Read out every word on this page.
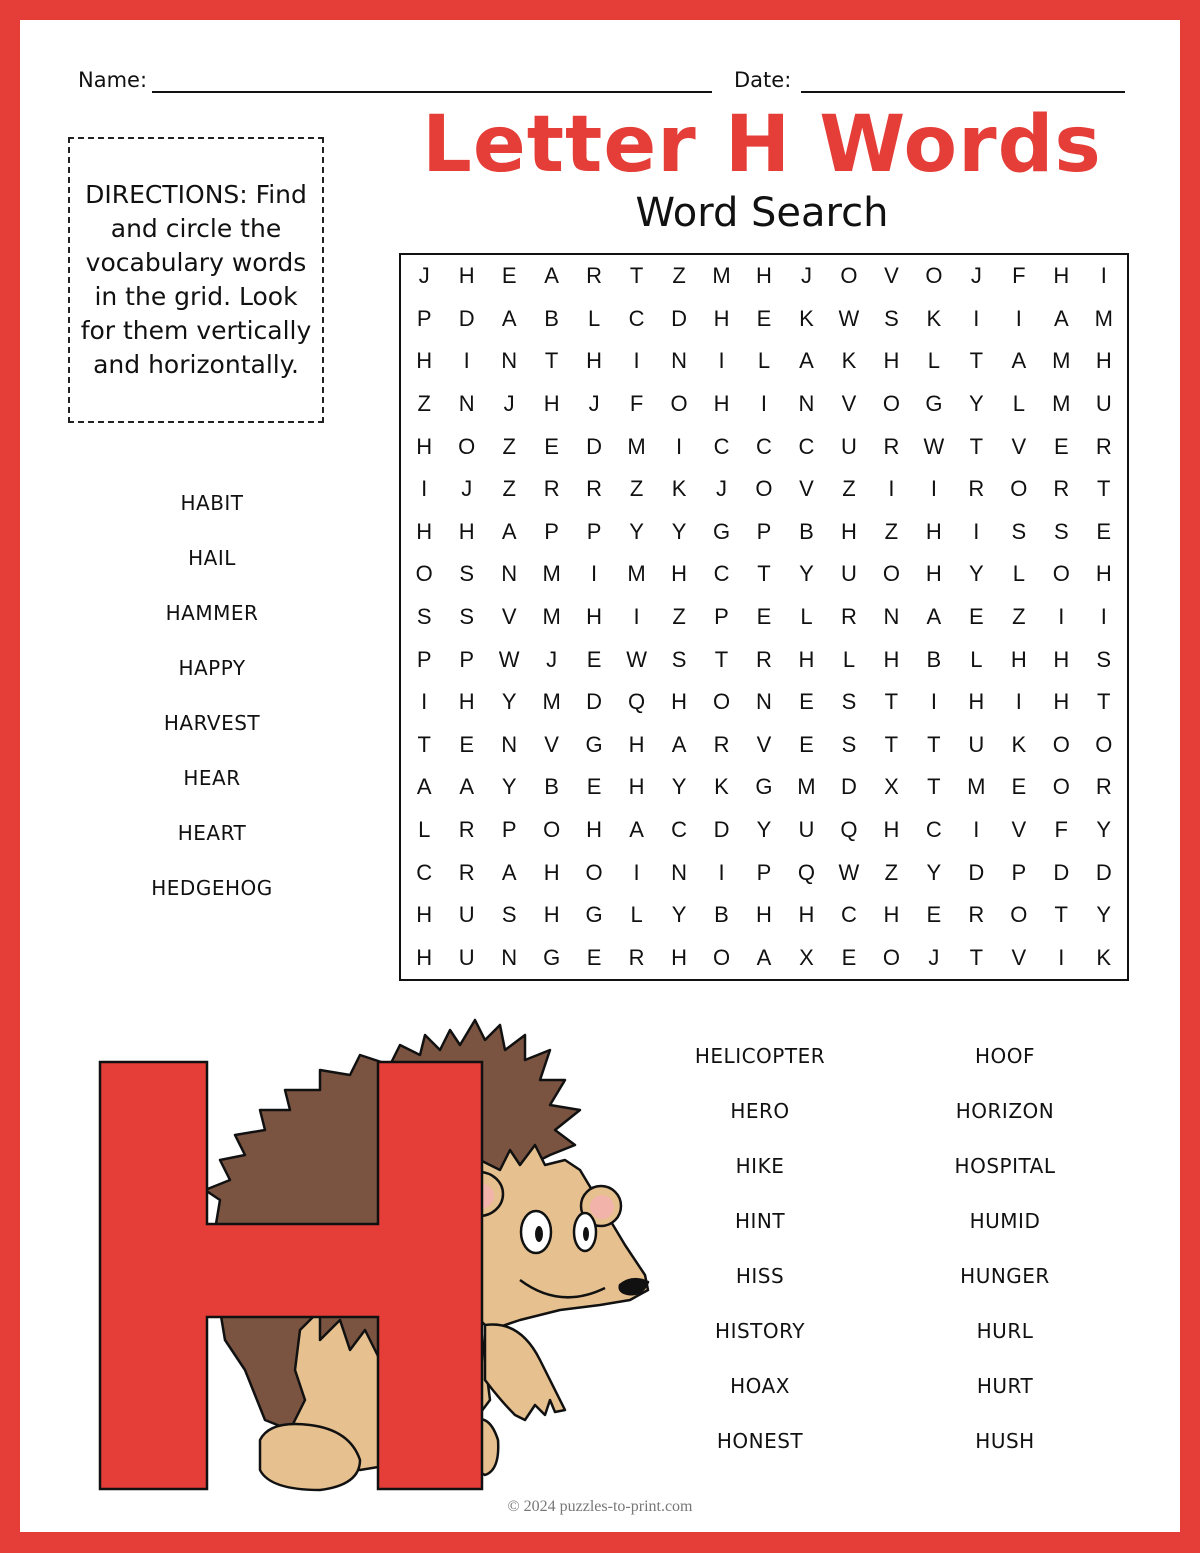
Name:	Date:
DIRECTIONS: Find and circle the vocabulary words in the grid. Look for them vertically and horizontally.
Letter H Words
Word Search
J	H	E	A	R	T	Z	M	H	J	O	V	O	J	F	H	I
P	D	A	B	L	C	D	H	E	K	W	S	K	I	I	A	M
H	I	N	T	H	I	N	I	L	A	K	H	L	T	A	M	H
Z	N	J	H	J	F	O	H	I	N	V	O	G	Y	L	M	U
H	O	Z	E	D	M	I	C	C	C	U	R	W	T	V	E	R
I	J	Z	R	R	Z	K	J	O	V	Z	I	I	R	O	R	T
H	H	A	P	P	Y	Y	G	P	B	H	Z	H	I	S	S	E
O	S	N	M	I	M	H	C	T	Y	U	O	H	Y	L	O	H
S	S	V	M	H	I	Z	P	E	L	R	N	A	E	Z	I	I
P	P	W	J	E	W	S	T	R	H	L	H	B	L	H	H	S
I	H	Y	M	D	Q	H	O	N	E	S	T	I	H	I	H	T
T	E	N	V	G	H	A	R	V	E	S	T	T	U	K	O	O
A	A	Y	B	E	H	Y	K	G	M	D	X	T	M	E	O	R
L	R	P	O	H	A	C	D	Y	U	Q	H	C	I	V	F	Y
C	R	A	H	O	I	N	I	P	Q	W	Z	Y	D	P	D	D
H	U	S	H	G	L	Y	B	H	H	C	H	E	R	O	T	Y
H	U	N	G	E	R	H	O	A	X	E	O	J	T	V	I	K
HABIT
HAIL
HAMMER
HAPPY
HARVEST
HEAR
HEART
HEDGEHOG
HELICOPTER
HERO
HIKE
HINT
HISS
HISTORY
HOAX
HONEST
HOOF
HORIZON
HOSPITAL
HUMID
HUNGER
HURL
HURT
HUSH
© 2024 puzzles-to-print.com
